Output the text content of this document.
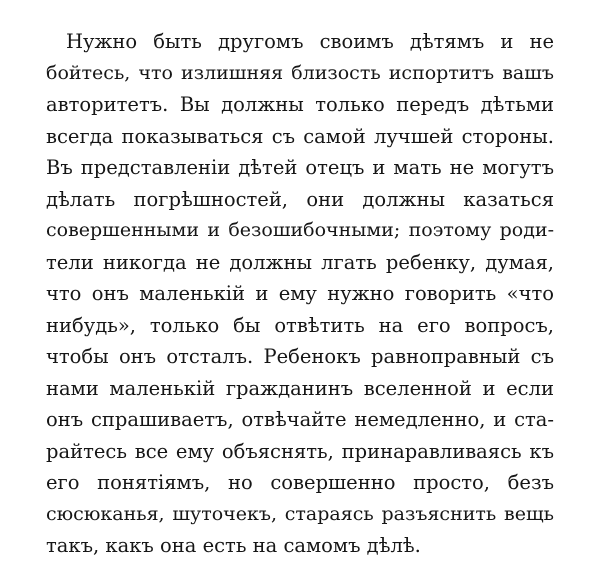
Нужно быть другомъ своимъ дѣтямъ и не
бойтесь, что излишняя близость испортитъ вашъ
авторитетъ. Вы должны только передъ дѣтьми
всегда показываться съ самой лучшей стороны.
Въ представленіи дѣтей отецъ и мать не могутъ
дѣлать погрѣшностей, они должны казаться
совершенными и безошибочными; поэтому роди-
тели никогда не должны лгать ребенку, думая,
что онъ маленькій и ему нужно говорить «что
нибудь», только бы отвѣтить на его вопросъ,
чтобы онъ отсталъ. Ребенокъ равноправный съ
нами маленькій гражданинъ вселенной и если
онъ спрашиваетъ, отвѣчайте немедленно, и ста-
райтесь все ему объяснять, принаравливаясь къ
его понятіямъ, но совершенно просто, безъ
сюсюканья, шуточекъ, стараясь разъяснить вещь
такъ, какъ она есть на самомъ дѣлѣ.
